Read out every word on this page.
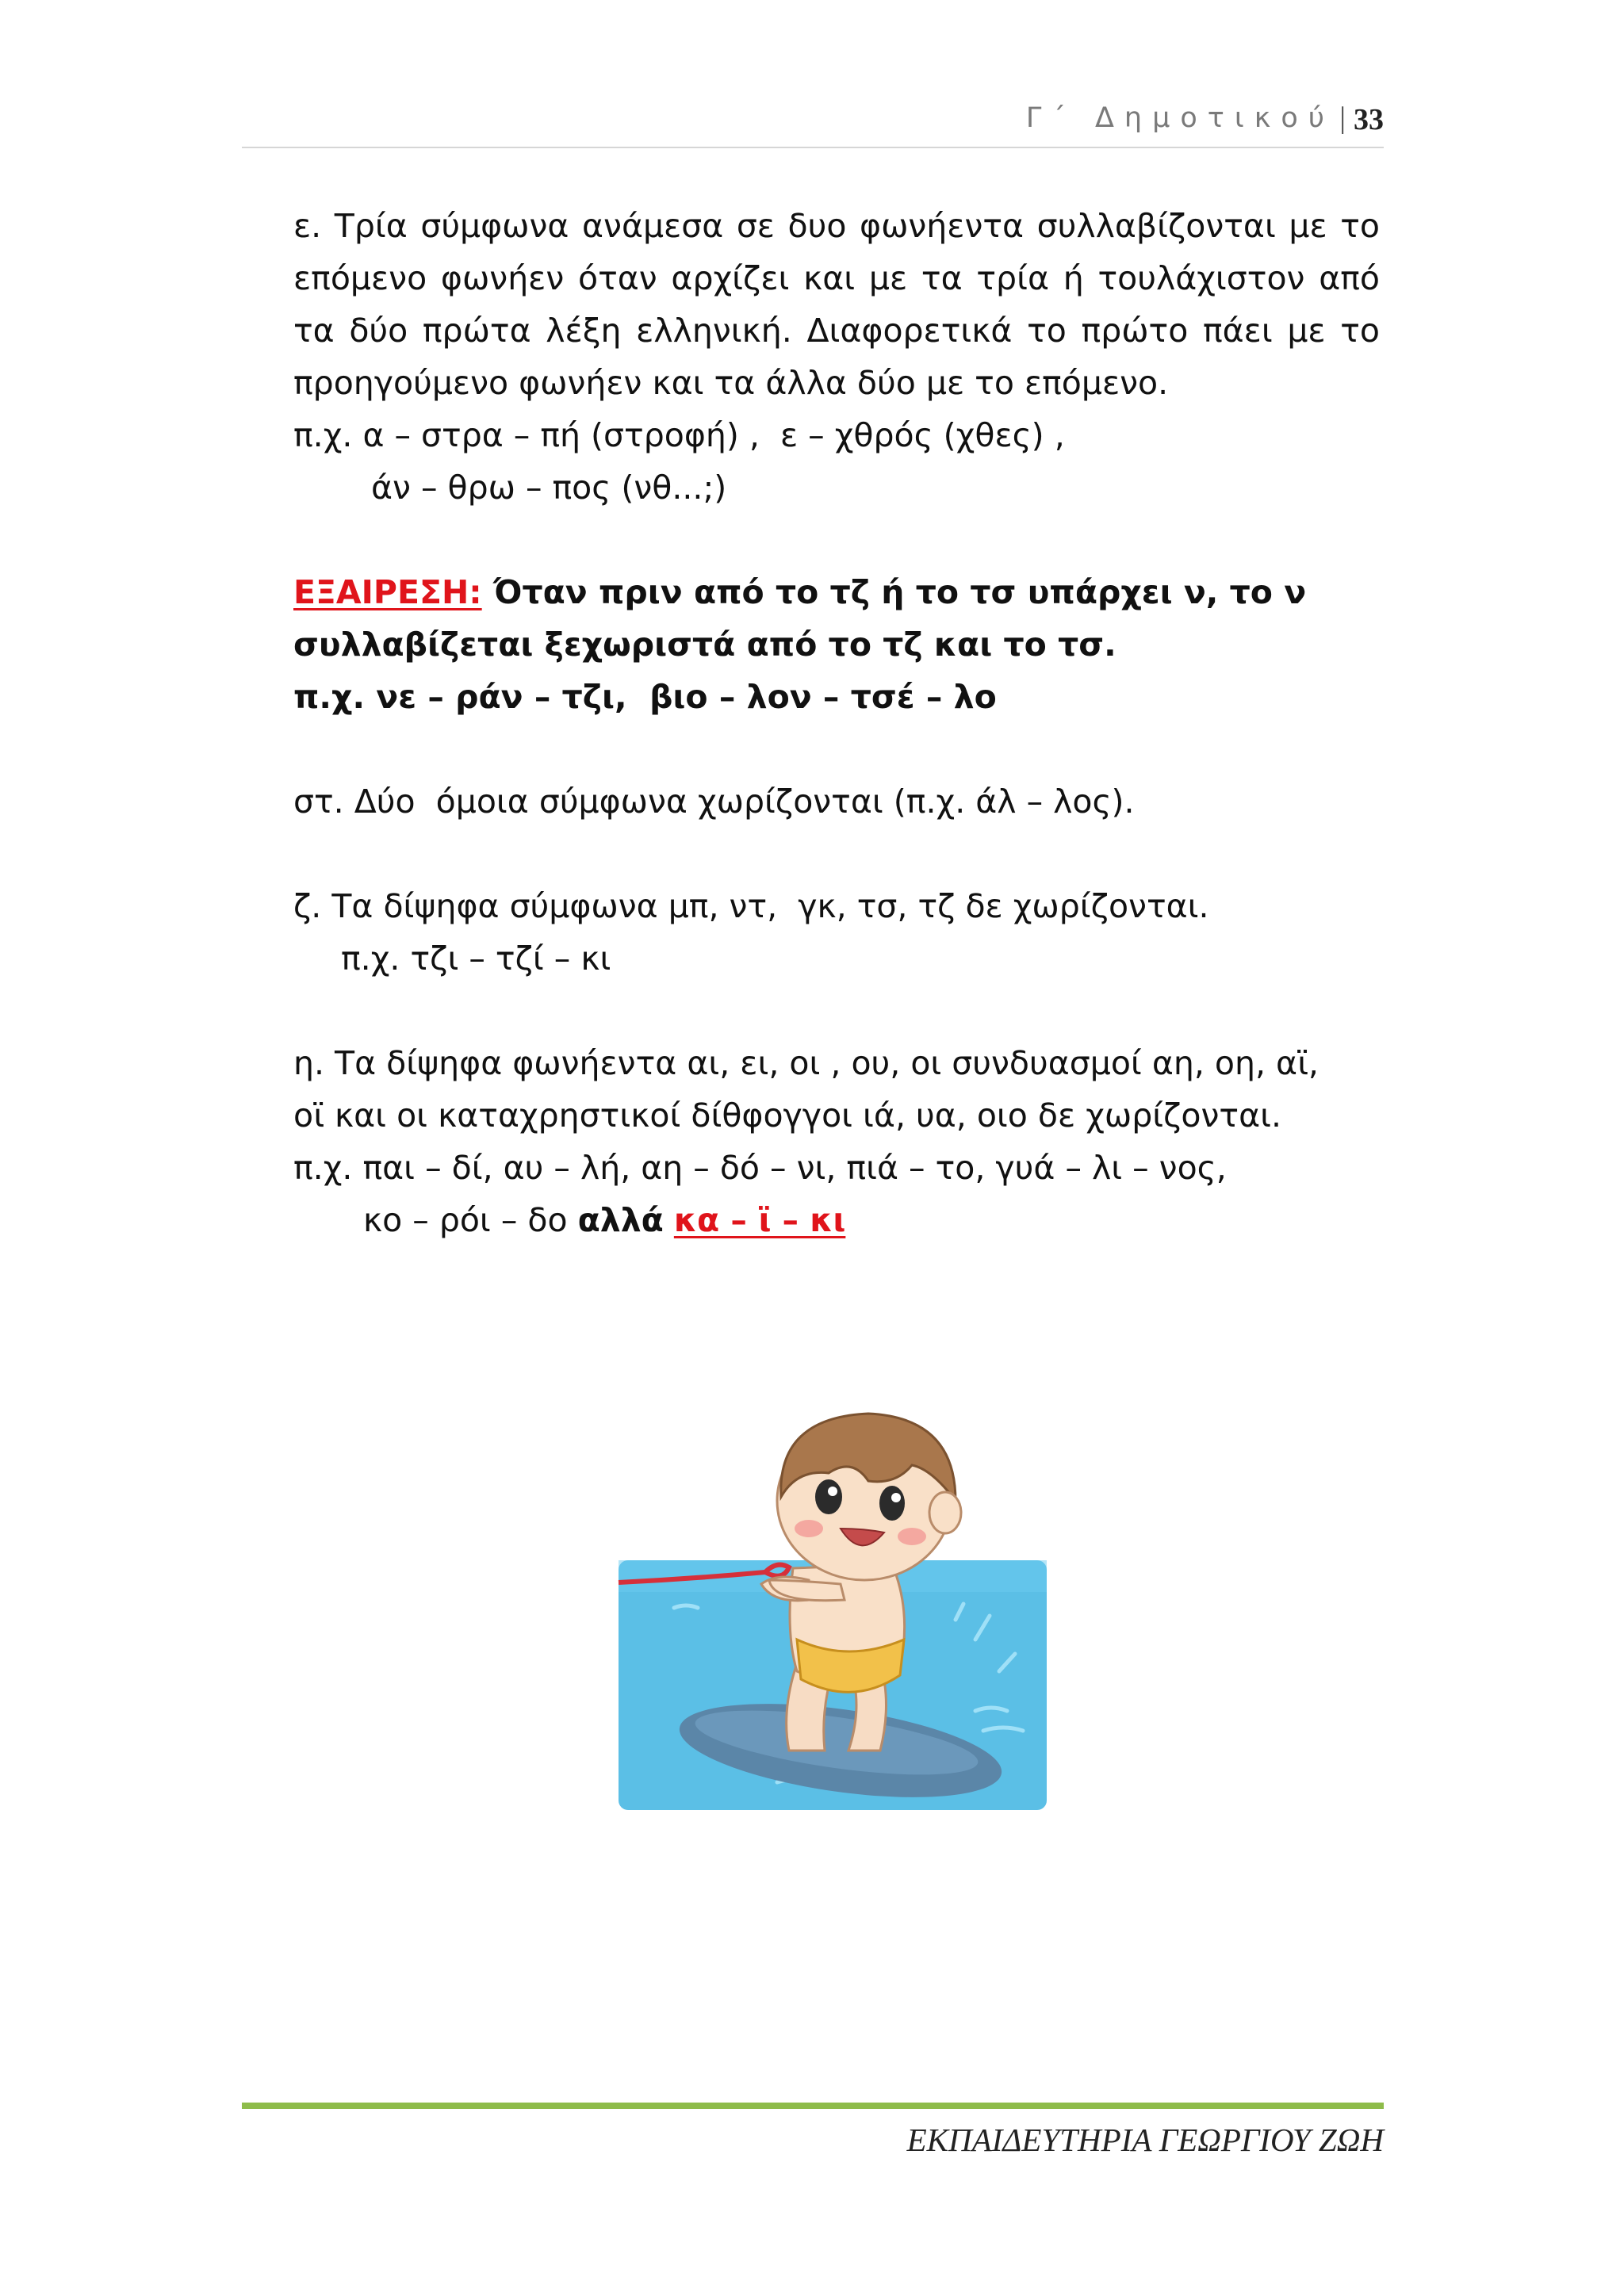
Γ΄ Δημοτικού | 33
ε. Τρία σύμφωνα ανάμεσα σε δυο φωνήεντα συλλαβίζονται με το
επόμενο φωνήεν όταν αρχίζει και με τα τρία ή τουλάχιστον από
τα δύο πρώτα λέξη ελληνική. Διαφορετικά το πρώτο πάει με το
προηγούμενο φωνήεν και τα άλλα δύο με το επόμενο.
π.χ. α – στρα – πή (στροφή) ,  ε – χθρός (χθες) ,
άν – θρω – πος (νθ...;)
ΕΞΑΙΡΕΣΗ: Όταν πριν από το τζ ή το τσ υπάρχει ν, το ν
συλλαβίζεται ξεχωριστά από το τζ και το τσ.
π.χ. νε – ράν – τζι,  βιο – λον – τσέ – λο
στ. Δύο  όμοια σύμφωνα χωρίζονται (π.χ. άλ – λος).
ζ. Τα δίψηφα σύμφωνα μπ, ντ,  γκ, τσ, τζ δε χωρίζονται.
π.χ. τζι – τζί – κι
η. Τα δίψηφα φωνήεντα αι, ει, οι , ου, οι συνδυασμοί αη, οη, αϊ,
οϊ και οι καταχρηστικοί δίθφογγοι ιά, υα, οιο δε χωρίζονται.
π.χ. παι – δί, αυ – λή, αη – δό – νι, πιά – το, γυά – λι – νος,
κο – ρόι – δο αλλά κα – ϊ – κι
ΕΚΠΑΙΔΕΥΤΗΡΙΑ ΓΕΩΡΓΙΟΥ ΖΩΗ
